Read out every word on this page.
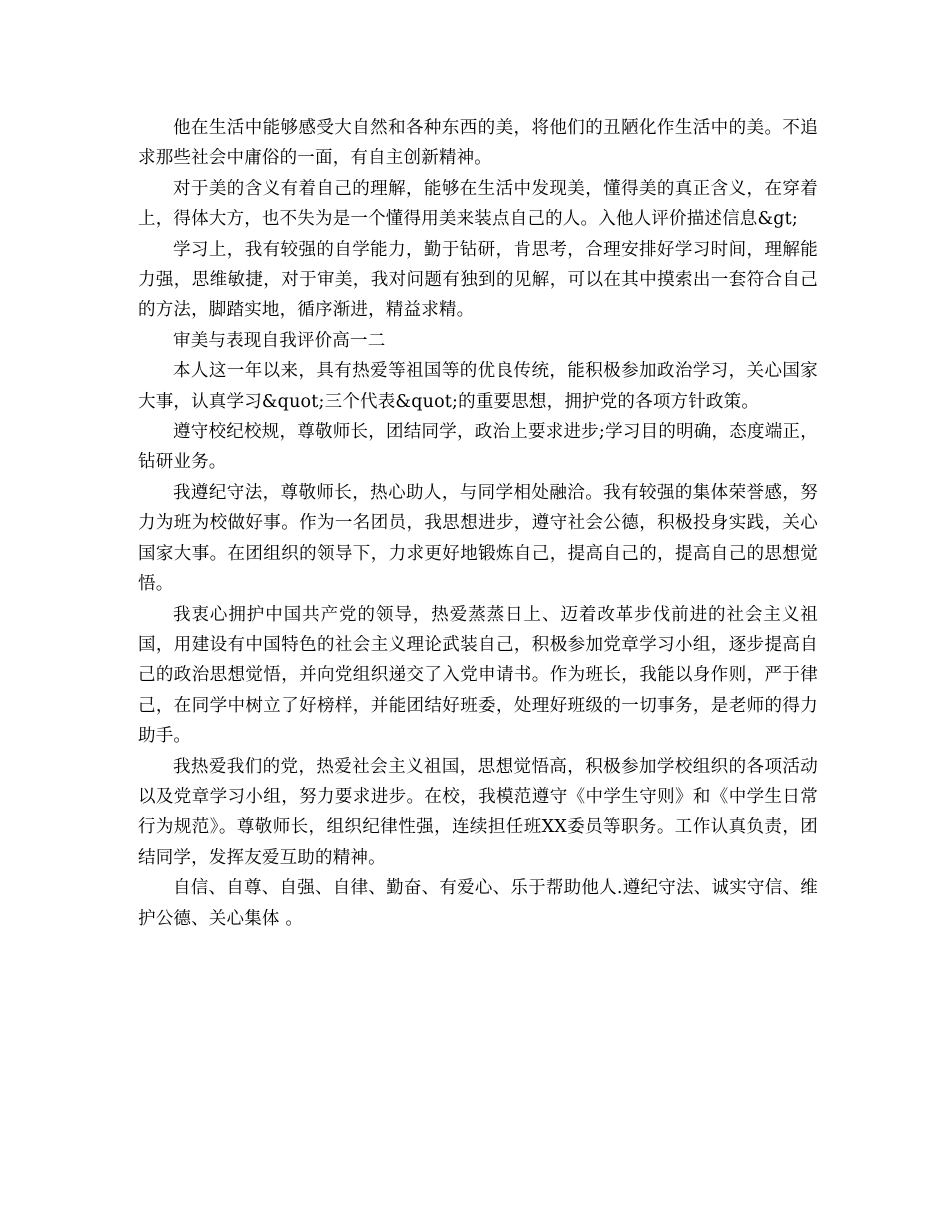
他在生活中能够感受大自然和各种东西的美，将他们的丑陋化作生活中的美。不追求那些社会中庸俗的一面，有自主创新精神。

对于美的含义有着自己的理解，能够在生活中发现美，懂得美的真正含义，在穿着上，得体大方，也不失为是一个懂得用美来装点自己的人。入他人评价描述信息&gt;

学习上，我有较强的自学能力，勤于钻研，肯思考，合理安排好学习时间，理解能力强，思维敏捷，对于审美，我对问题有独到的见解，可以在其中摸索出一套符合自己的方法，脚踏实地，循序渐进，精益求精。

审美与表现自我评价高一二

本人这一年以来，具有热爱等祖国等的优良传统，能积极参加政治学习，关心国家大事，认真学习&quot;三个代表&quot;的重要思想，拥护党的各项方针政策。

遵守校纪校规，尊敬师长，团结同学，政治上要求进步;学习目的明确，态度端正，钻研业务。

我遵纪守法，尊敬师长，热心助人，与同学相处融洽。我有较强的集体荣誉感，努力为班为校做好事。作为一名团员，我思想进步，遵守社会公德，积极投身实践，关心国家大事。在团组织的领导下，力求更好地锻炼自己，提高自己的，提高自己的思想觉悟。

我衷心拥护中国共产党的领导，热爱蒸蒸日上、迈着改革步伐前进的社会主义祖国，用建设有中国特色的社会主义理论武装自己，积极参加党章学习小组，逐步提高自己的政治思想觉悟，并向党组织递交了入党申请书。作为班长，我能以身作则，严于律己，在同学中树立了好榜样，并能团结好班委，处理好班级的一切事务，是老师的得力助手。

我热爱我们的党，热爱社会主义祖国，思想觉悟高，积极参加学校组织的各项活动以及党章学习小组，努力要求进步。在校，我模范遵守《中学生守则》和《中学生日常行为规范》。尊敬师长，组织纪律性强，连续担任班XX委员等职务。工作认真负责，团结同学，发挥友爱互助的精神。

自信、自尊、自强、自律、勤奋、有爱心、乐于帮助他人.遵纪守法、诚实守信、维护公德、关心集体 。
